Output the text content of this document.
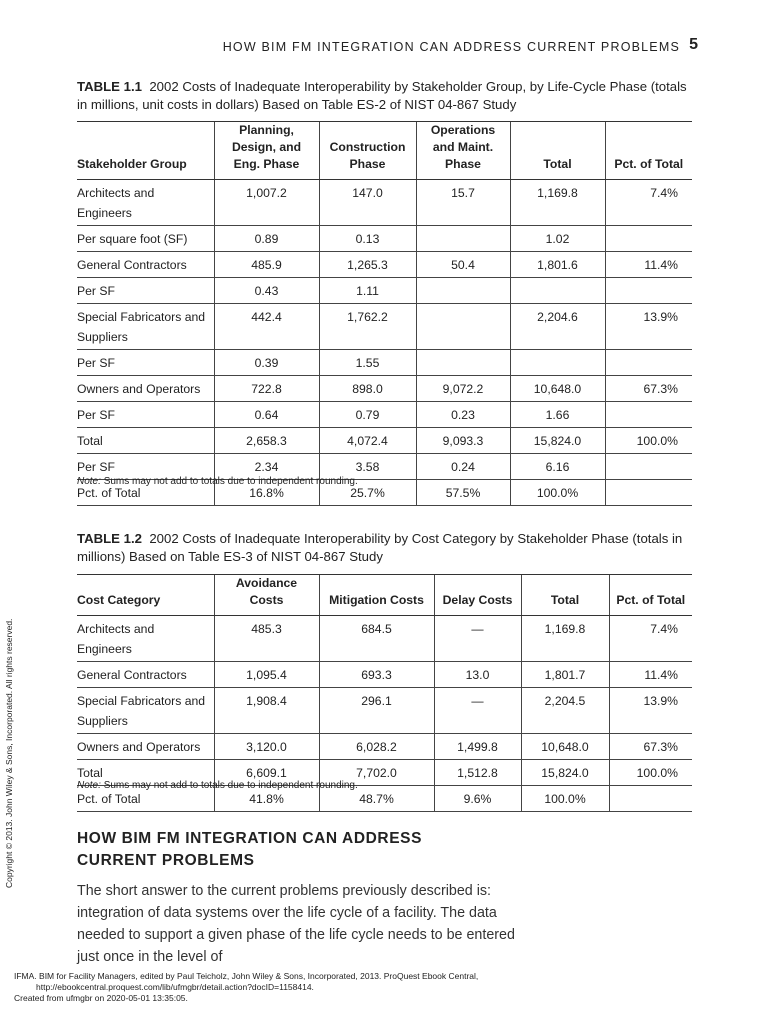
HOW BIM FM INTEGRATION CAN ADDRESS CURRENT PROBLEMS 5
TABLE 1.1 2002 Costs of Inadequate Interoperability by Stakeholder Group, by Life-Cycle Phase (totals in millions, unit costs in dollars) Based on Table ES-2 of NIST 04-867 Study
Stakeholder Group	Planning, Design, and Eng. Phase	Construction Phase	Operations and Maint. Phase	Total	Pct. of Total
Architects and Engineers	1,007.2	147.0	15.7	1,169.8	7.4%
Per square foot (SF)	0.89	0.13		1.02	
General Contractors	485.9	1,265.3	50.4	1,801.6	11.4%
Per SF	0.43	1.11			
Special Fabricators and Suppliers	442.4	1,762.2		2,204.6	13.9%
Per SF	0.39	1.55			
Owners and Operators	722.8	898.0	9,072.2	10,648.0	67.3%
Per SF	0.64	0.79	0.23	1.66	
Total	2,658.3	4,072.4	9,093.3	15,824.0	100.0%
Per SF	2.34	3.58	0.24	6.16	
Pct. of Total	16.8%	25.7%	57.5%	100.0%	
Note: Sums may not add to totals due to independent rounding.
TABLE 1.2 2002 Costs of Inadequate Interoperability by Cost Category by Stakeholder Phase (totals in millions) Based on Table ES-3 of NIST 04-867 Study
Cost Category	Avoidance Costs	Mitigation Costs	Delay Costs	Total	Pct. of Total
Architects and Engineers	485.3	684.5	—	1,169.8	7.4%
General Contractors	1,095.4	693.3	13.0	1,801.7	11.4%
Special Fabricators and Suppliers	1,908.4	296.1	—	2,204.5	13.9%
Owners and Operators	3,120.0	6,028.2	1,499.8	10,648.0	67.3%
Total	6,609.1	7,702.0	1,512.8	15,824.0	100.0%
Pct. of Total	41.8%	48.7%	9.6%	100.0%	
Note: Sums may not add to totals due to independent rounding.
HOW BIM FM INTEGRATION CAN ADDRESS
CURRENT PROBLEMS
The short answer to the current problems previously described is: integration of data systems over the life cycle of a facility. The data needed to support a given phase of the life cycle needs to be entered just once in the level of
Copyright © 2013. John Wiley & Sons, Incorporated. All rights reserved.
IFMA. BIM for Facility Managers, edited by Paul Teicholz, John Wiley & Sons, Incorporated, 2013. ProQuest Ebook Central,
http://ebookcentral.proquest.com/lib/ufmgbr/detail.action?docID=1158414.
Created from ufmgbr on 2020-05-01 13:35:05.
